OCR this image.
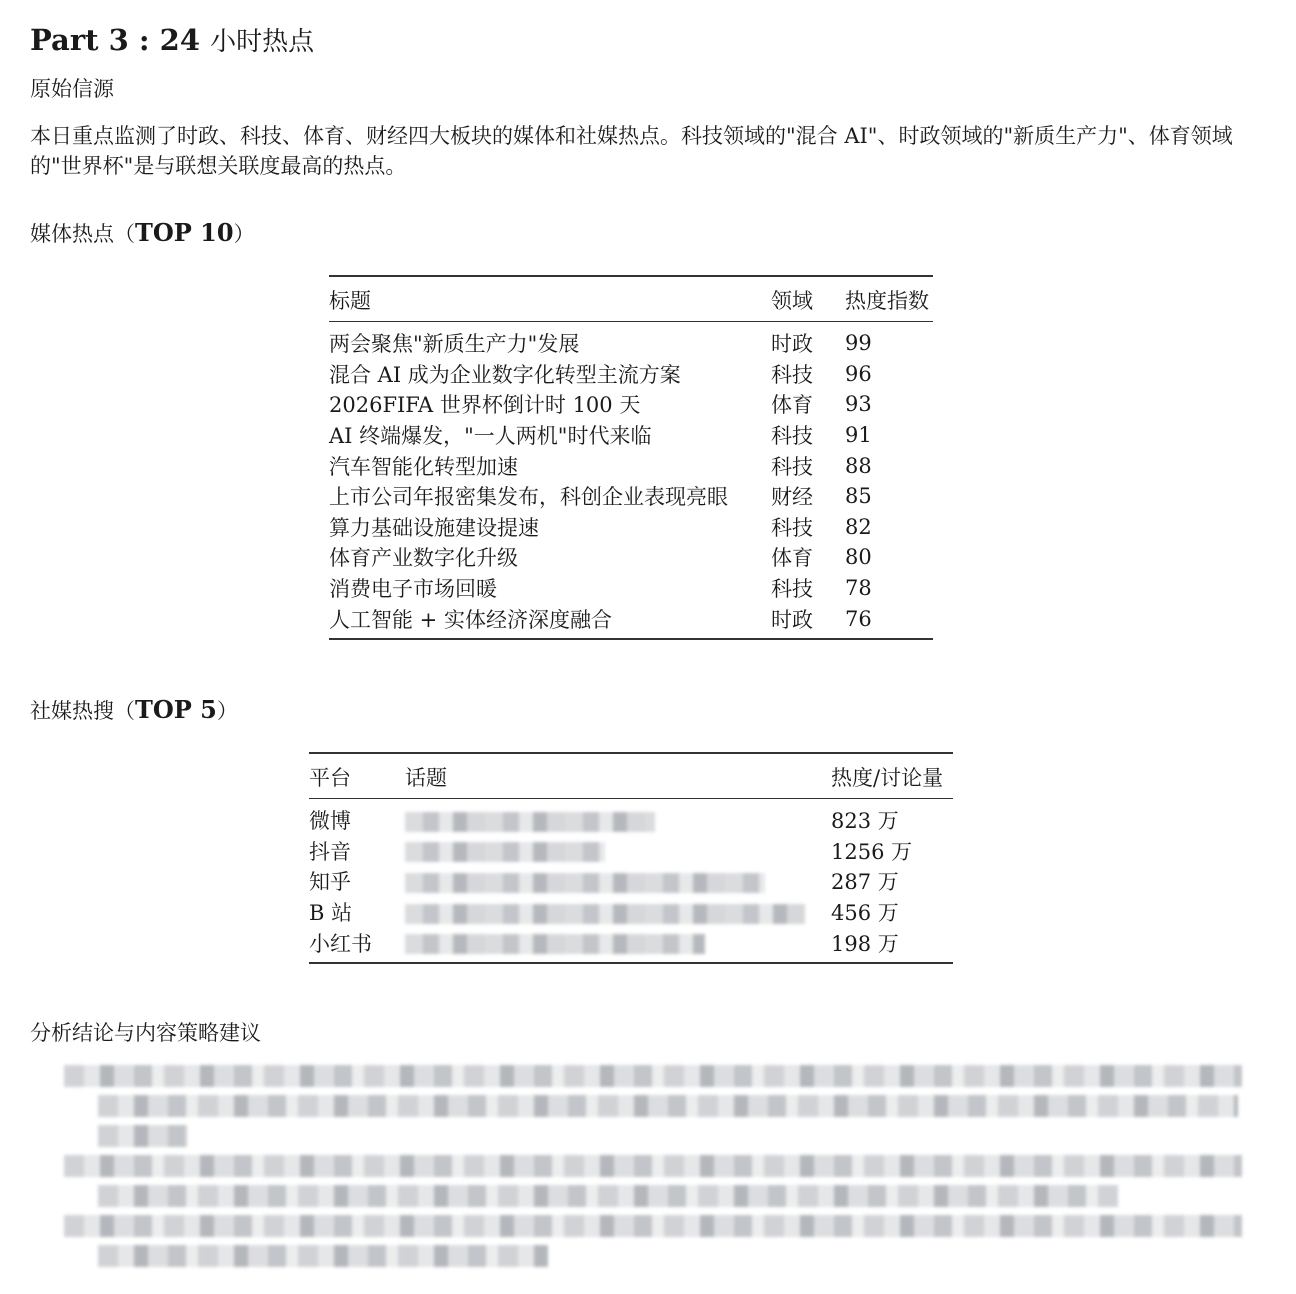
Part 3 : 24 小时热点
原始信源
本日重点监测了时政、科技、体育、财经四大板块的媒体和社媒热点。科技领域的"混合 AI"、时政领域的"新质生产力"、体育领域的"世界杯"是与联想关联度最高的热点。
媒体热点（TOP 10）
标题	领域	热度指数
两会聚焦"新质生产力"发展	时政	99
混合 AI 成为企业数字化转型主流方案	科技	96
2026FIFA 世界杯倒计时 100 天	体育	93
AI 终端爆发，"一人两机"时代来临	科技	91
汽车智能化转型加速	科技	88
上市公司年报密集发布，科创企业表现亮眼	财经	85
算力基础设施建设提速	科技	82
体育产业数字化升级	体育	80
消费电子市场回暖	科技	78
人工智能 + 实体经济深度融合	时政	76
社媒热搜（TOP 5）
平台	话题	热度/讨论量
微博		823 万
抖音		1256 万
知乎		287 万
B 站		456 万
小红书		198 万
分析结论与内容策略建议
